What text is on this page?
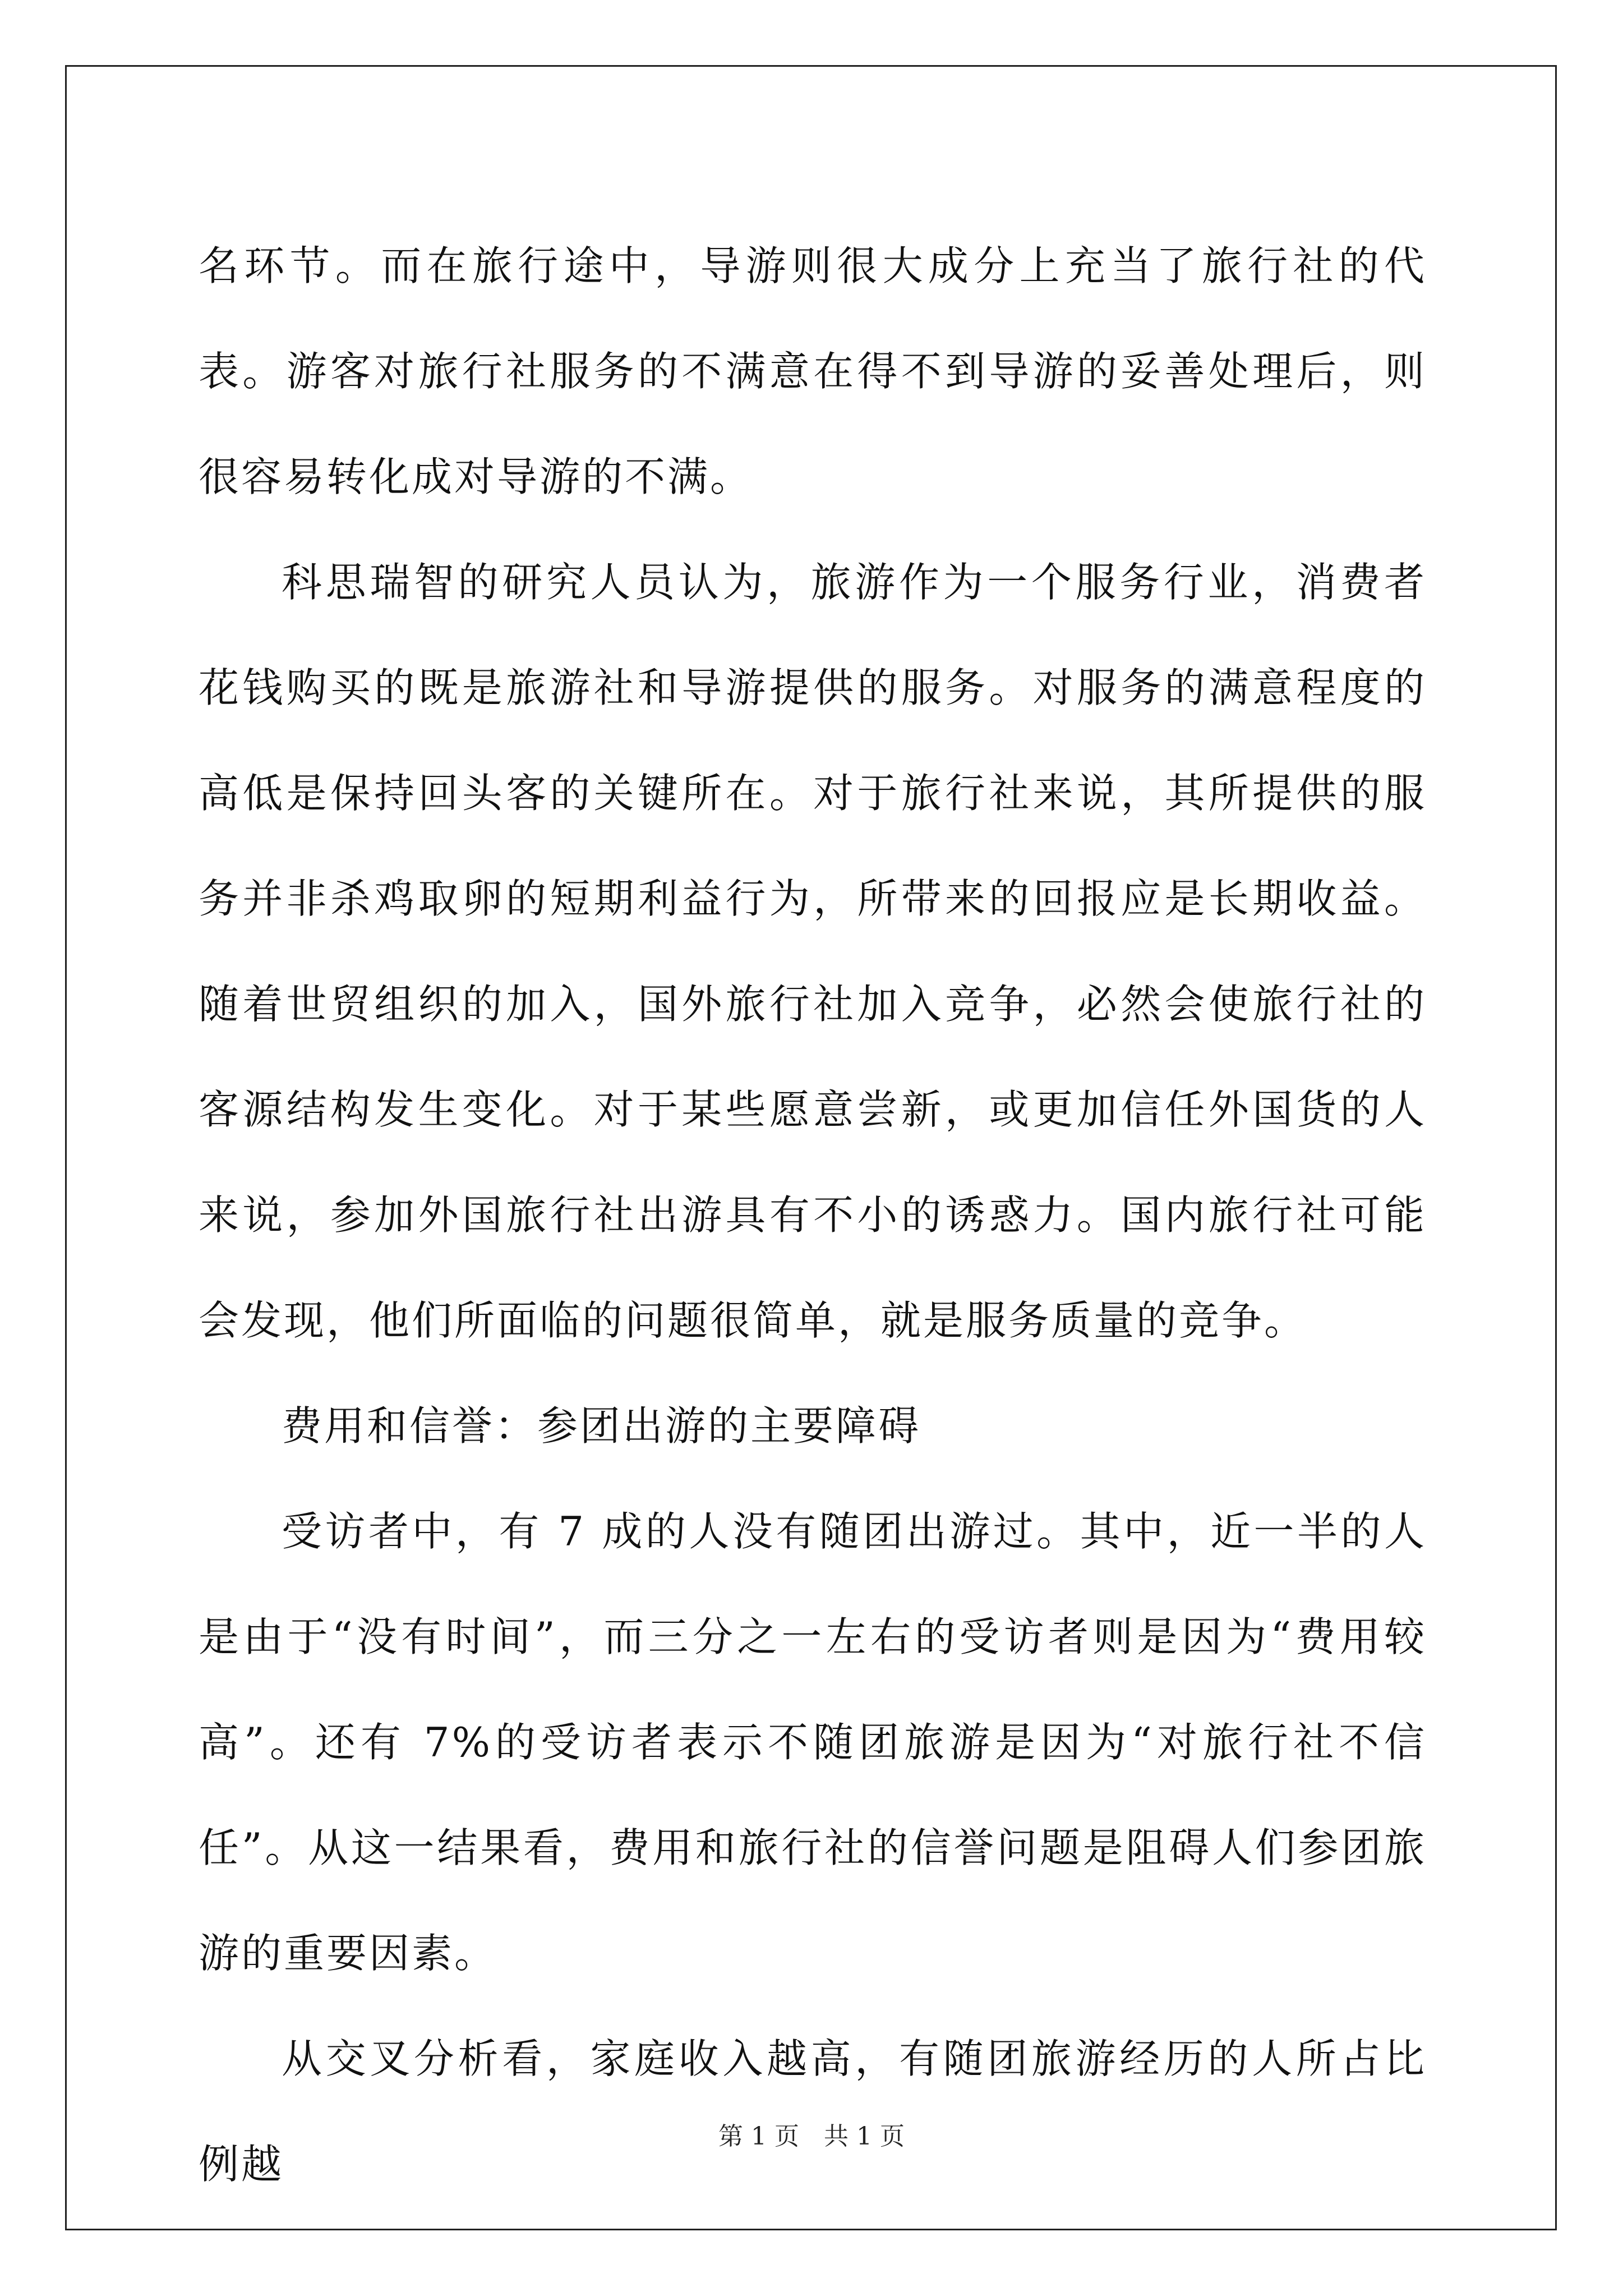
名环节。而在旅行途中，导游则很大成分上充当了旅行社的代表。游客对旅行社服务的不满意在得不到导游的妥善处理后，则很容易转化成对导游的不满。

科思瑞智的研究人员认为，旅游作为一个服务行业，消费者花钱购买的既是旅游社和导游提供的服务。对服务的满意程度的高低是保持回头客的关键所在。对于旅行社来说，其所提供的服务并非杀鸡取卵的短期利益行为，所带来的回报应是长期收益。随着世贸组织的加入，国外旅行社加入竞争，必然会使旅行社的客源结构发生变化。对于某些愿意尝新，或更加信任外国货的人来说，参加外国旅行社出游具有不小的诱惑力。国内旅行社可能会发现，他们所面临的问题很简单，就是服务质量的竞争。

费用和信誉：参团出游的主要障碍

受访者中，有 7 成的人没有随团出游过。其中，近一半的人是由于“没有时间”，而三分之一左右的受访者则是因为“费用较高”。还有 7%的受访者表示不随团旅游是因为“对旅行社不信任”。从这一结果看，费用和旅行社的信誉问题是阻碍人们参团旅游的重要因素。

从交叉分析看，家庭收入越高，有随团旅游经历的人所占比例越

第 1 页　共 1 页
